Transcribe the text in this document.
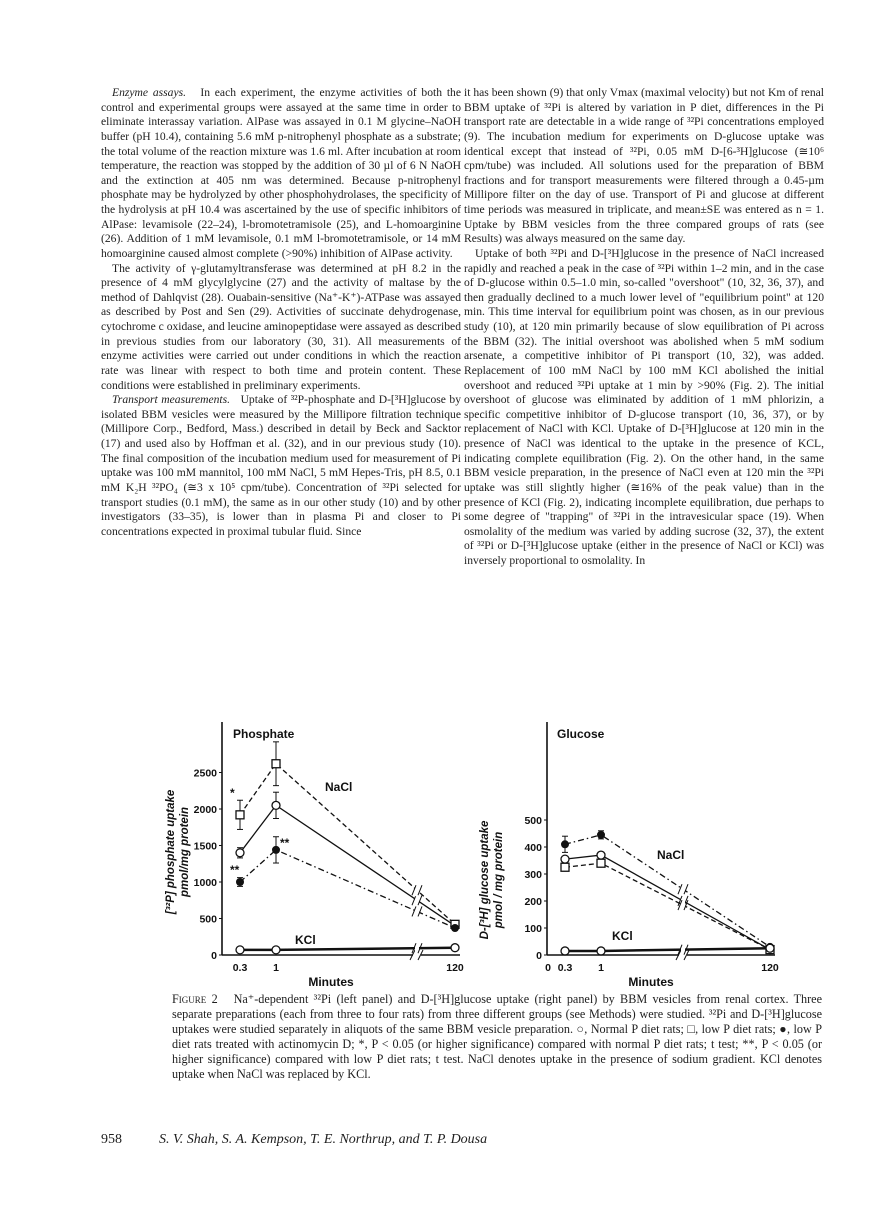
Enzyme assays. In each experiment, the enzyme activities of both the control and experimental groups were assayed at the same time in order to eliminate interassay variation. AlPase was assayed in 0.1 M glycine–NaOH buffer (pH 10.4), containing 5.6 mM p-nitrophenyl phosphate as a substrate; the total volume of the reaction mixture was 1.6 ml. After incubation at room temperature, the reaction was stopped by the addition of 30 µl of 6 N NaOH and the extinction at 405 nm was determined. Because p-nitrophenyl phosphate may be hydrolyzed by other phosphohydrolases, the specificity of the hydrolysis at pH 10.4 was ascertained by the use of specific inhibitors of AlPase: levamisole (22–24), l-bromotetramisole (25), and L-homoarginine (26). Addition of 1 mM levamisole, 0.1 mM l-bromotetramisole, or 14 mM homoarginine caused almost complete (>90%) inhibition of AlPase activity.

The activity of γ-glutamyltransferase was determined at pH 8.2 in the presence of 4 mM glycylglycine (27) and the activity of maltase by the method of Dahlqvist (28). Ouabain-sensitive (Na⁺-K⁺)-ATPase was assayed as described by Post and Sen (29). Activities of succinate dehydrogenase, cytochrome c oxidase, and leucine aminopeptidase were assayed as described in previous studies from our laboratory (30, 31). All measurements of enzyme activities were carried out under conditions in which the reaction rate was linear with respect to both time and protein content. These conditions were established in preliminary experiments.

Transport measurements. Uptake of ³²P-phosphate and D-[³H]glucose by isolated BBM vesicles were measured by the Millipore filtration technique (Millipore Corp., Bedford, Mass.) described in detail by Beck and Sacktor (17) and used also by Hoffman et al. (32), and in our previous study (10). The final composition of the incubation medium used for measurement of Pi uptake was 100 mM mannitol, 100 mM NaCl, 5 mM Hepes-Tris, pH 8.5, 0.1 mM K₂H ³²PO₄ (≅3 x 10⁵ cpm/tube). Concentration of ³²Pi selected for transport studies (0.1 mM), the same as in our other study (10) and by other investigators (33–35), is lower than in plasma Pi and closer to Pi concentrations expected in proximal tubular fluid. Since

it has been shown (9) that only Vmax (maximal velocity) but not Km of renal BBM uptake of ³²Pi is altered by variation in P diet, differences in the Pi transport rate are detectable in a wide range of ³²Pi concentrations employed (9). The incubation medium for experiments on D-glucose uptake was identical except that instead of ³²Pi, 0.05 mM D-[6-³H]glucose (≅10⁶ cpm/tube) was included. All solutions used for the preparation of BBM fractions and for transport measurements were filtered through a 0.45-µm Millipore filter on the day of use. Transport of Pi and glucose at different time periods was measured in triplicate, and mean±SE was entered as n = 1. Uptake by BBM vesicles from the three compared groups of rats (see Results) was always measured on the same day.

Uptake of both ³²Pi and D-[³H]glucose in the presence of NaCl increased rapidly and reached a peak in the case of ³²Pi within 1–2 min, and in the case of D-glucose within 0.5–1.0 min, so-called "overshoot" (10, 32, 36, 37), and then gradually declined to a much lower level of "equilibrium point" at 120 min. This time interval for equilibrium point was chosen, as in our previous study (10), at 120 min primarily because of slow equilibration of Pi across the BBM (32). The initial overshoot was abolished when 5 mM sodium arsenate, a competitive inhibitor of Pi transport (10, 32), was added. Replacement of 100 mM NaCl by 100 mM KCl abolished the initial overshoot and reduced ³²Pi uptake at 1 min by >90% (Fig. 2). The initial overshoot of glucose was eliminated by addition of 1 mM phlorizin, a specific competitive inhibitor of D-glucose transport (10, 36, 37), or by replacement of NaCl with KCl. Uptake of D-[³H]glucose at 120 min in the presence of NaCl was identical to the uptake in the presence of KCL, indicating complete equilibration (Fig. 2). On the other hand, in the same BBM vesicle preparation, in the presence of NaCl even at 120 min the ³²Pi uptake was still slightly higher (≅16% of the peak value) than in the presence of KCl (Fig. 2), indicating incomplete equilibration, due perhaps to some degree of "trapping" of ³²Pi in the intravesicular space (19). When osmolality of the medium was varied by adding sucrose (32, 37), the extent of ³²Pi or D-[³H]glucose uptake (either in the presence of NaCl or KCl) was inversely proportional to osmolality. In

Phosphate
0
500
1000
1500
2000
2500
0.3 1	120
Minutes
NaCl
KCl
[³²P] phosphate uptake pmol/mg protein
*
**
**
Glucose
0
100
200
300
400
500
0 0.3 1	120
Minutes
NaCl
KCl
D-[³H] glucose uptake pmol / mg protein
Figure 2 Na⁺-dependent ³²Pi (left panel) and D-[³H]glucose uptake (right panel) by BBM vesicles from renal cortex. Three separate preparations (each from three to four rats) from three different groups (see Methods) were studied. ³²Pi and D-[³H]glucose uptakes were studied separately in aliquots of the same BBM vesicle preparation. ○, Normal P diet rats; □, low P diet rats; ●, low P diet rats treated with actinomycin D; *, P < 0.05 (or higher significance) compared with normal P diet rats; t test; **, P < 0.05 (or higher significance) compared with low P diet rats; t test. NaCl denotes uptake in the presence of sodium gradient. KCl denotes uptake when NaCl was replaced by KCl.
958	S. V. Shah, S. A. Kempson, T. E. Northrup, and T. P. Dousa
